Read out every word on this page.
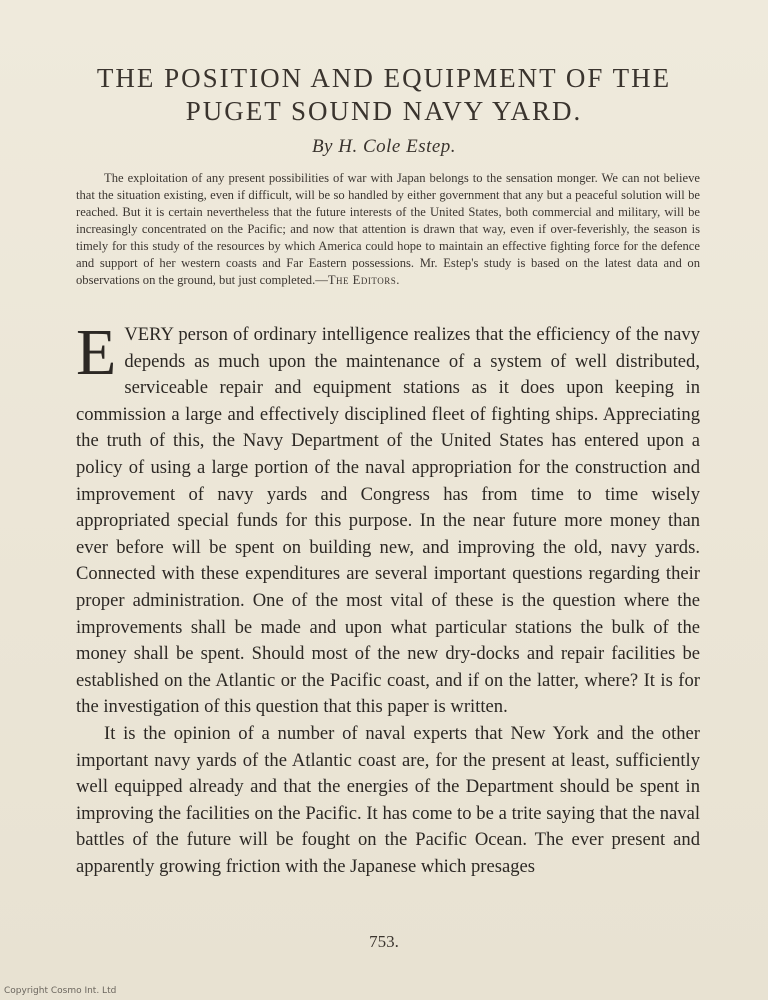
THE POSITION AND EQUIPMENT OF THE
PUGET SOUND NAVY YARD.
By H. Cole Estep.

The exploitation of any present possibilities of war with Japan belongs to the sensation monger. We can not believe that the situation existing, even if difficult, will be so handled by either government that any but a peaceful solution will be reached. But it is certain nevertheless that the future interests of the United States, both commercial and military, will be increasingly concentrated on the Pacific; and now that attention is drawn that way, even if over-feverishly, the season is timely for this study of the resources by which America could hope to maintain an effective fighting force for the defence and support of her western coasts and Far Eastern possessions. Mr. Estep's study is based on the latest data and on observations on the ground, but just completed.—The Editors.

EVERY person of ordinary intelligence realizes that the efficiency of the navy depends as much upon the maintenance of a system of well distributed, serviceable repair and equipment stations as it does upon keeping in commission a large and effectively disciplined fleet of fighting ships. Appreciating the truth of this, the Navy Department of the United States has entered upon a policy of using a large portion of the naval appropriation for the construction and improvement of navy yards and Congress has from time to time wisely appropriated special funds for this purpose. In the near future more money than ever before will be spent on building new, and improving the old, navy yards. Connected with these expenditures are several important questions regarding their proper administration. One of the most vital of these is the question where the improvements shall be made and upon what particular stations the bulk of the money shall be spent. Should most of the new dry-docks and repair facilities be established on the Atlantic or the Pacific coast, and if on the latter, where? It is for the investigation of this question that this paper is written.

It is the opinion of a number of naval experts that New York and the other important navy yards of the Atlantic coast are, for the present at least, sufficiently well equipped already and that the energies of the Department should be spent in improving the facilities on the Pacific. It has come to be a trite saying that the naval battles of the future will be fought on the Pacific Ocean. The ever present and apparently growing friction with the Japanese which presages

753.
Copyright Cosmo Int. Ltd
